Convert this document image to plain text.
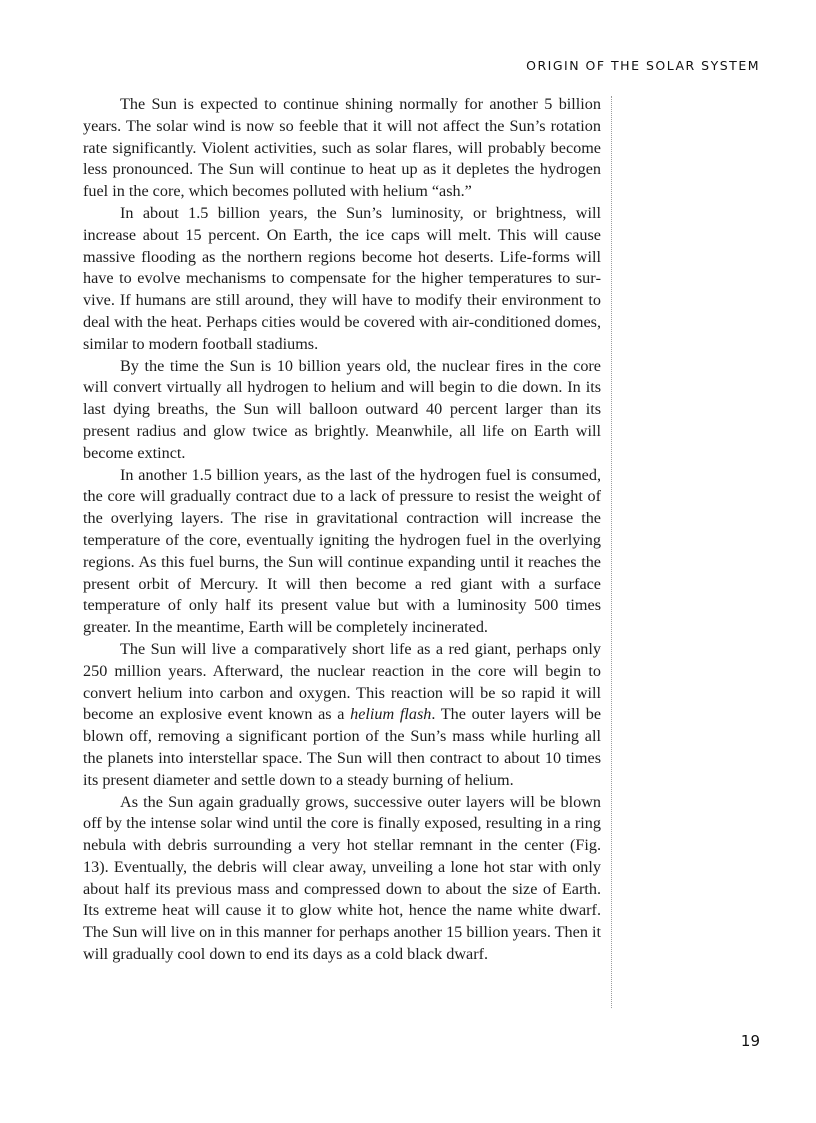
ORIGIN OF THE SOLAR SYSTEM

The Sun is expected to continue shining normally for another 5 billion years. The solar wind is now so feeble that it will not affect the Sun’s rotation rate significantly. Violent activities, such as solar flares, will probably become less pronounced. The Sun will continue to heat up as it depletes the hydrogen fuel in the core, which becomes polluted with helium “ash.”

In about 1.5 billion years, the Sun’s luminosity, or brightness, will increase about 15 percent. On Earth, the ice caps will melt. This will cause massive flooding as the northern regions become hot deserts. Life-forms will have to evolve mechanisms to compensate for the higher temperatures to survive. If humans are still around, they will have to modify their environment to deal with the heat. Perhaps cities would be covered with air-conditioned domes, similar to modern football stadiums.

By the time the Sun is 10 billion years old, the nuclear fires in the core will convert virtually all hydrogen to helium and will begin to die down. In its last dying breaths, the Sun will balloon outward 40 percent larger than its present radius and glow twice as brightly. Meanwhile, all life on Earth will become extinct.

In another 1.5 billion years, as the last of the hydrogen fuel is consumed, the core will gradually contract due to a lack of pressure to resist the weight of the overlying layers. The rise in gravitational contraction will increase the temperature of the core, eventually igniting the hydrogen fuel in the overlying regions. As this fuel burns, the Sun will continue expanding until it reaches the present orbit of Mercury. It will then become a red giant with a surface temperature of only half its present value but with a luminosity 500 times greater. In the meantime, Earth will be completely incinerated.

The Sun will live a comparatively short life as a red giant, perhaps only 250 million years. Afterward, the nuclear reaction in the core will begin to convert helium into carbon and oxygen. This reaction will be so rapid it will become an explosive event known as a helium flash. The outer layers will be blown off, removing a significant portion of the Sun’s mass while hurling all the planets into interstellar space. The Sun will then contract to about 10 times its present diameter and settle down to a steady burning of helium.

As the Sun again gradually grows, successive outer layers will be blown off by the intense solar wind until the core is finally exposed, resulting in a ring nebula with debris surrounding a very hot stellar remnant in the center (Fig. 13). Eventually, the debris will clear away, unveiling a lone hot star with only about half its previous mass and compressed down to about the size of Earth. Its extreme heat will cause it to glow white hot, hence the name white dwarf. The Sun will live on in this manner for perhaps another 15 billion years. Then it will gradually cool down to end its days as a cold black dwarf.

19
